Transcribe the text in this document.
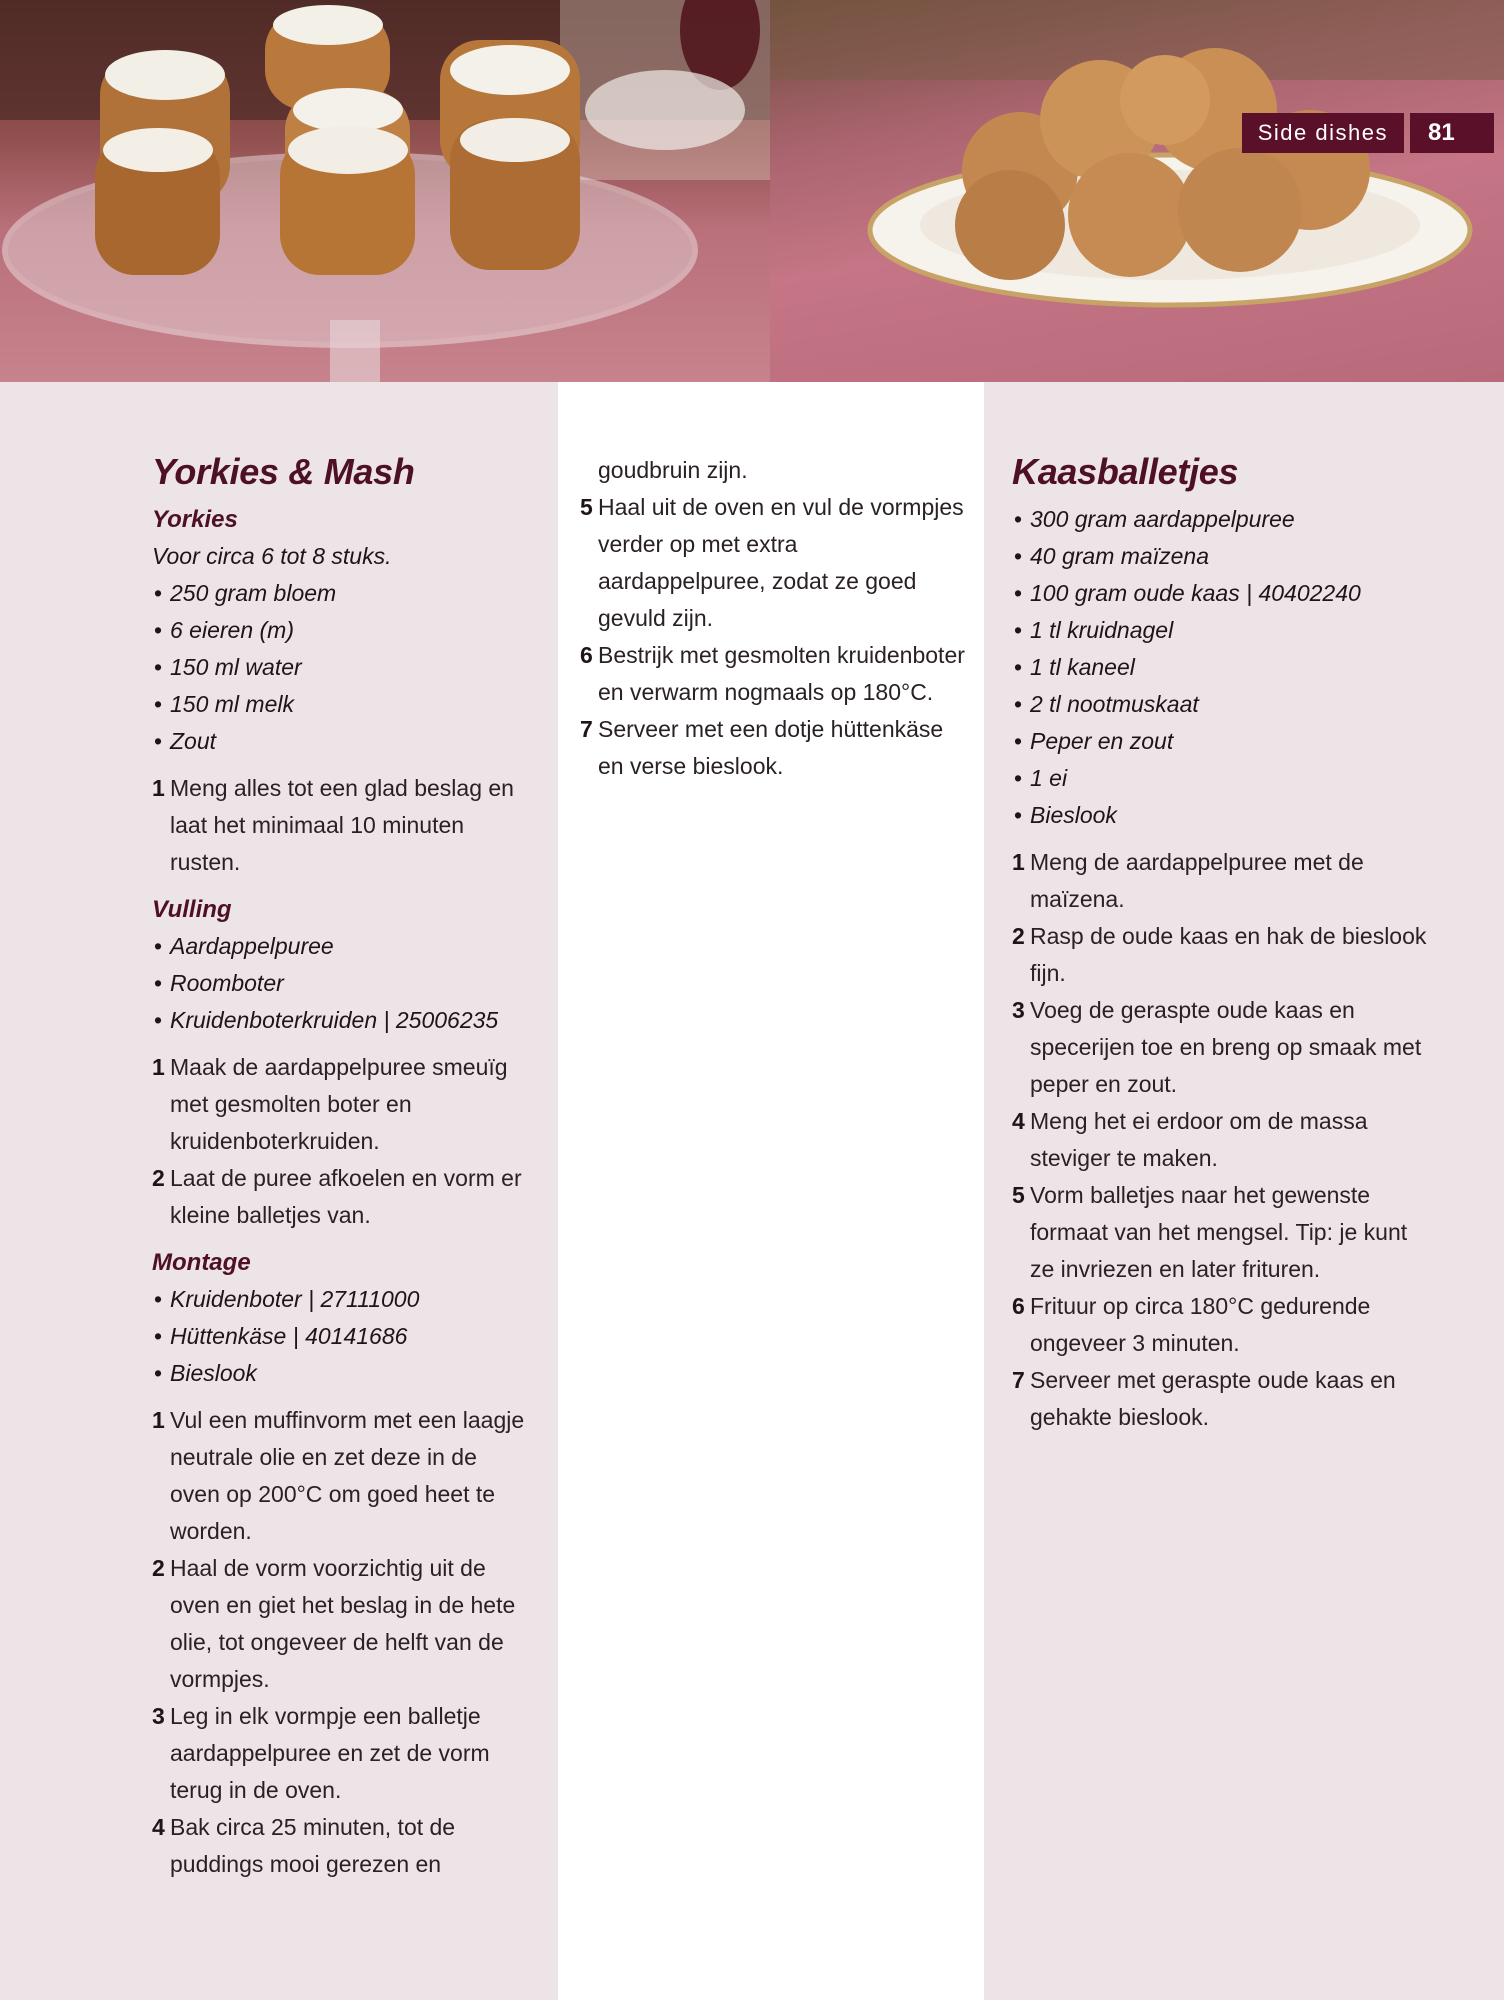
Side dishes	81
Yorkies & Mash
Yorkies
Voor circa 6 tot 8 stuks.
• 250 gram bloem
• 6 eieren (m)
• 150 ml water
• 150 ml melk
• Zout
1 Meng alles tot een glad beslag en laat het minimaal 10 minuten rusten.
Vulling
• Aardappelpuree
• Roomboter
• Kruidenboterkruiden | 25006235
1 Maak de aardappelpuree smeuïg met gesmolten boter en kruidenboterkruiden.
2 Laat de puree afkoelen en vorm er kleine balletjes van.
Montage
• Kruidenboter | 27111000
• Hüttenkäse | 40141686
• Bieslook
1 Vul een muffinvorm met een laagje neutrale olie en zet deze in de oven op 200°C om goed heet te worden.
2 Haal de vorm voorzichtig uit de oven en giet het beslag in de hete olie, tot ongeveer de helft van de vormpjes.
3 Leg in elk vormpje een balletje aardappelpuree en zet de vorm terug in de oven.
4 Bak circa 25 minuten, tot de puddings mooi gerezen en
goudbruin zijn.
5 Haal uit de oven en vul de vormpjes verder op met extra aardappelpuree, zodat ze goed gevuld zijn.
6 Bestrijk met gesmolten kruidenboter en verwarm nogmaals op 180°C.
7 Serveer met een dotje hüttenkäse en verse bieslook.
Kaasballetjes
• 300 gram aardappelpuree
• 40 gram maïzena
• 100 gram oude kaas | 40402240
• 1 tl kruidnagel
• 1 tl kaneel
• 2 tl nootmuskaat
• Peper en zout
• 1 ei
• Bieslook
1 Meng de aardappelpuree met de maïzena.
2 Rasp de oude kaas en hak de bieslook fijn.
3 Voeg de geraspte oude kaas en specerijen toe en breng op smaak met peper en zout.
4 Meng het ei erdoor om de massa steviger te maken.
5 Vorm balletjes naar het gewenste formaat van het mengsel. Tip: je kunt ze invriezen en later frituren.
6 Frituur op circa 180°C gedurende ongeveer 3 minuten.
7 Serveer met geraspte oude kaas en gehakte bieslook.
